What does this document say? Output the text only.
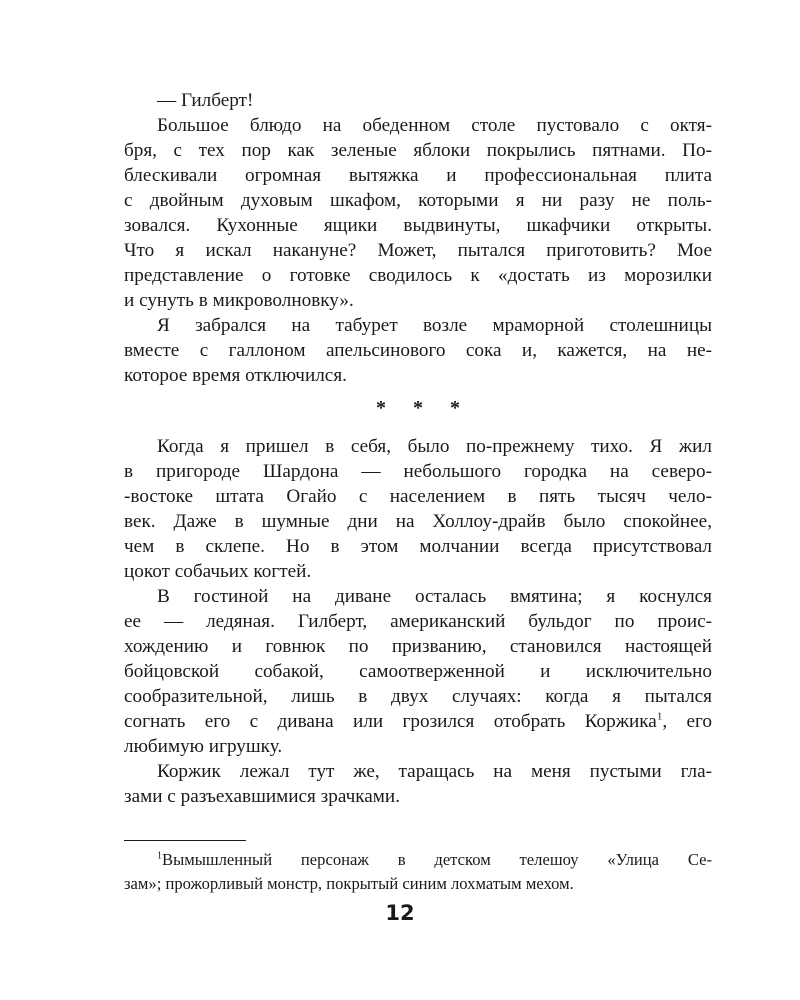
— Гилберт!
Большое блюдо на обеденном столе пустовало с октя-
бря, с тех пор как зеленые яблоки покрылись пятнами. По-
блескивали огромная вытяжка и профессиональная плита
с двойным духовым шкафом, которыми я ни разу не поль-
зовался. Кухонные ящики выдвинуты, шкафчики открыты.
Что я искал накануне? Может, пытался приготовить? Мое
представление о готовке сводилось к «достать из морозилки
и сунуть в микроволновку».
Я забрался на табурет возле мраморной столешницы
вместе с галлоном апельсинового сока и, кажется, на не-
которое время отключился.
* * *
Когда я пришел в себя, было по-прежнему тихо. Я жил
в пригороде Шардона — небольшого городка на северо-
-востоке штата Огайо с населением в пять тысяч чело-
век. Даже в шумные дни на Холлоу-драйв было спокойнее,
чем в склепе. Но в этом молчании всегда присутствовал
цокот собачьих когтей.
В гостиной на диване осталась вмятина; я коснулся
ее — ледяная. Гилберт, американский бульдог по проис-
хождению и говнюк по призванию, становился настоящей
бойцовской собакой, самоотверженной и исключительно
сообразительной, лишь в двух случаях: когда я пытался
согнать его с дивана или грозился отобрать Коржика$^1$, его
любимую игрушку.
Коржик лежал тут же, таращась на меня пустыми гла-
зами с разъехавшимися зрачками.
$^1$Вымышленный персонаж в детском телешоу «Улица Се-
зам»; прожорливый монстр, покрытый синим лохматым мехом.
12
